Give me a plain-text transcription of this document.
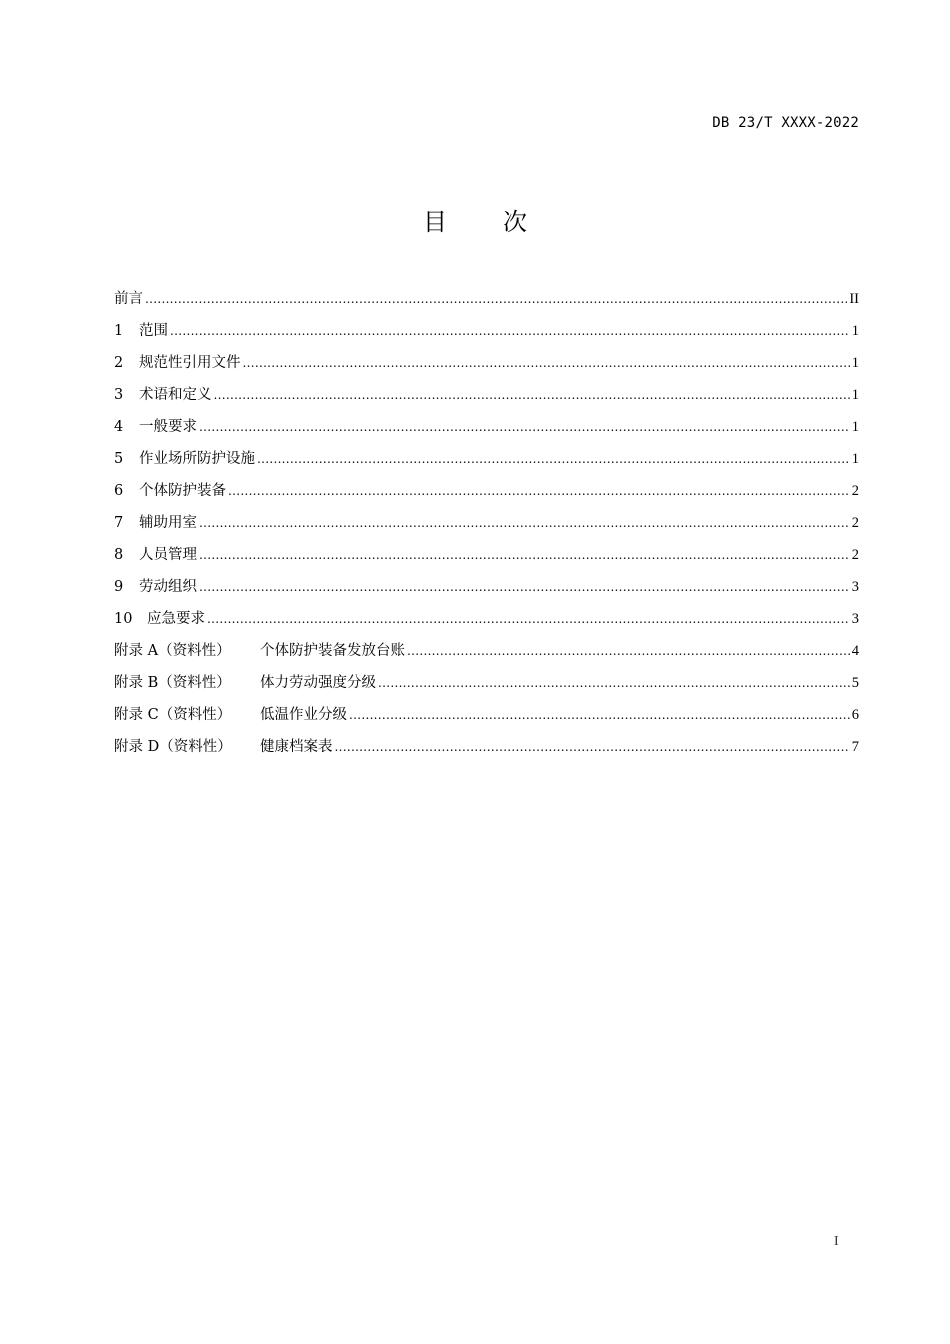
DB 23/T XXXX-2022
目 次
前言 .....	II
1	范围 .....	1
2	规范性引用文件 .....	1
3	术语和定义 .....	1
4	一般要求 .....	1
5	作业场所防护设施 .....	1
6	个体防护装备 .....	2
7	辅助用室 .....	2
8	人员管理 .....	2
9	劳动组织 .....	3
10	应急要求 .....	3
附录 A（资料性）	个体防护装备发放台账 .....	4
附录 B（资料性）	体力劳动强度分级 .....	5
附录 C（资料性）	低温作业分级 .....	6
附录 D（资料性）	健康档案表 .....	7
I
